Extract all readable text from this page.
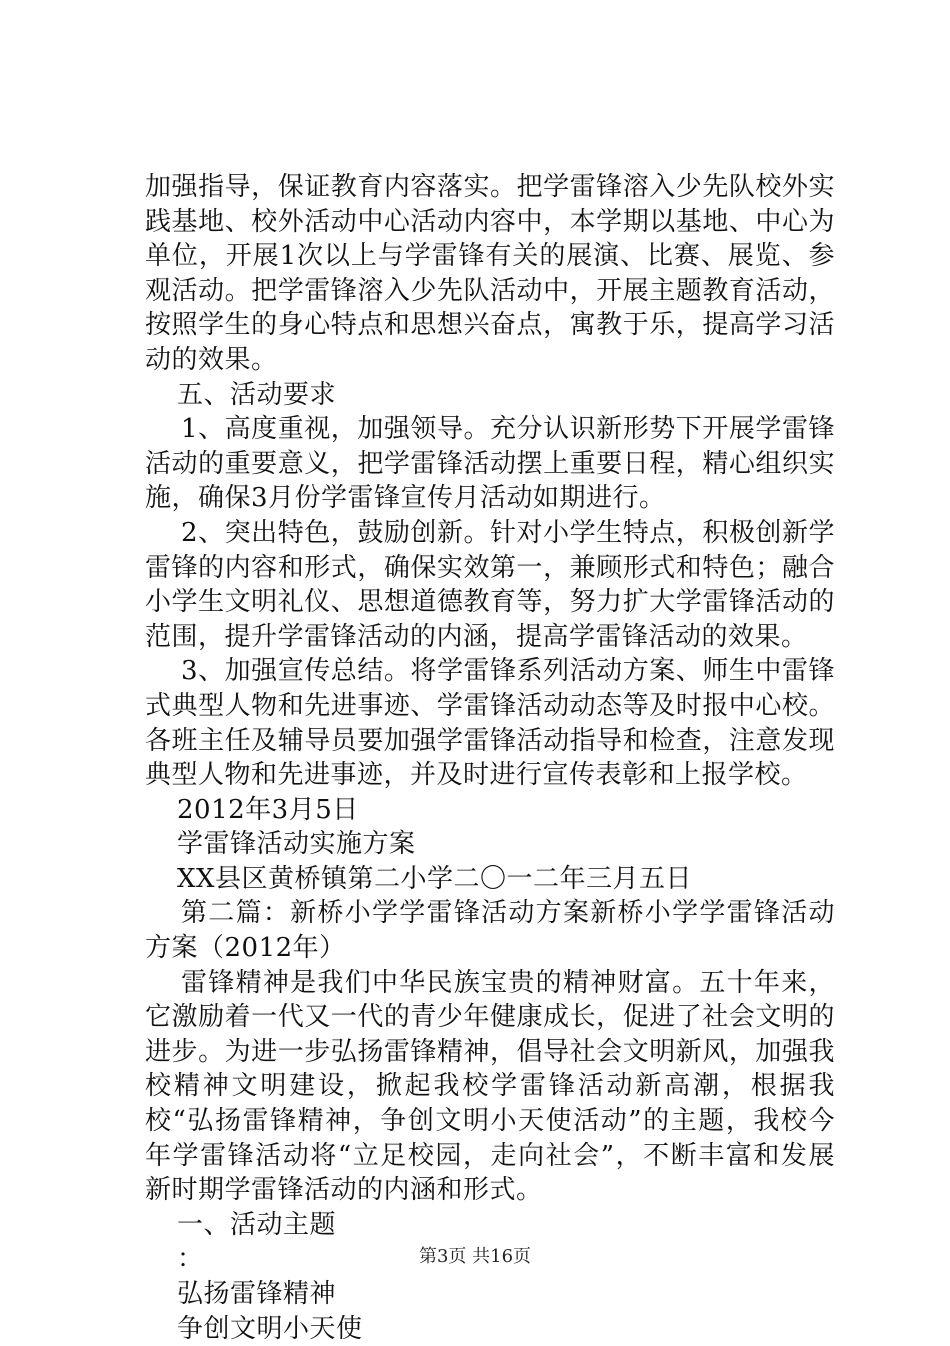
加强指导，保证教育内容落实。把学雷锋溶入少先队校外实践基地、校外活动中心活动内容中，本学期以基地、中心为单位，开展1次以上与学雷锋有关的展演、比赛、展览、参观活动。把学雷锋溶入少先队活动中，开展主题教育活动，按照学生的身心特点和思想兴奋点，寓教于乐，提高学习活动的效果。

五、活动要求

1、高度重视，加强领导。充分认识新形势下开展学雷锋活动的重要意义，把学雷锋活动摆上重要日程，精心组织实施，确保3月份学雷锋宣传月活动如期进行。

2、突出特色，鼓励创新。针对小学生特点，积极创新学雷锋的内容和形式，确保实效第一，兼顾形式和特色；融合小学生文明礼仪、思想道德教育等，努力扩大学雷锋活动的范围，提升学雷锋活动的内涵，提高学雷锋活动的效果。

3、加强宣传总结。将学雷锋系列活动方案、师生中雷锋式典型人物和先进事迹、学雷锋活动动态等及时报中心校。各班主任及辅导员要加强学雷锋活动指导和检查，注意发现典型人物和先进事迹，并及时进行宣传表彰和上报学校。

2012年3月5日

学雷锋活动实施方案

XX县区黄桥镇第二小学二〇一二年三月五日

第二篇：新桥小学学雷锋活动方案新桥小学学雷锋活动方案（2012年）

雷锋精神是我们中华民族宝贵的精神财富。五十年来，它激励着一代又一代的青少年健康成长，促进了社会文明的进步。为进一步弘扬雷锋精神，倡导社会文明新风，加强我校精神文明建设，掀起我校学雷锋活动新高潮，根据我校“弘扬雷锋精神，争创文明小天使活动”的主题，我校今年学雷锋活动将“立足校园，走向社会”，不断丰富和发展新时期学雷锋活动的内涵和形式。

一、活动主题

：

弘扬雷锋精神

争创文明小天使

第3页 共16页
